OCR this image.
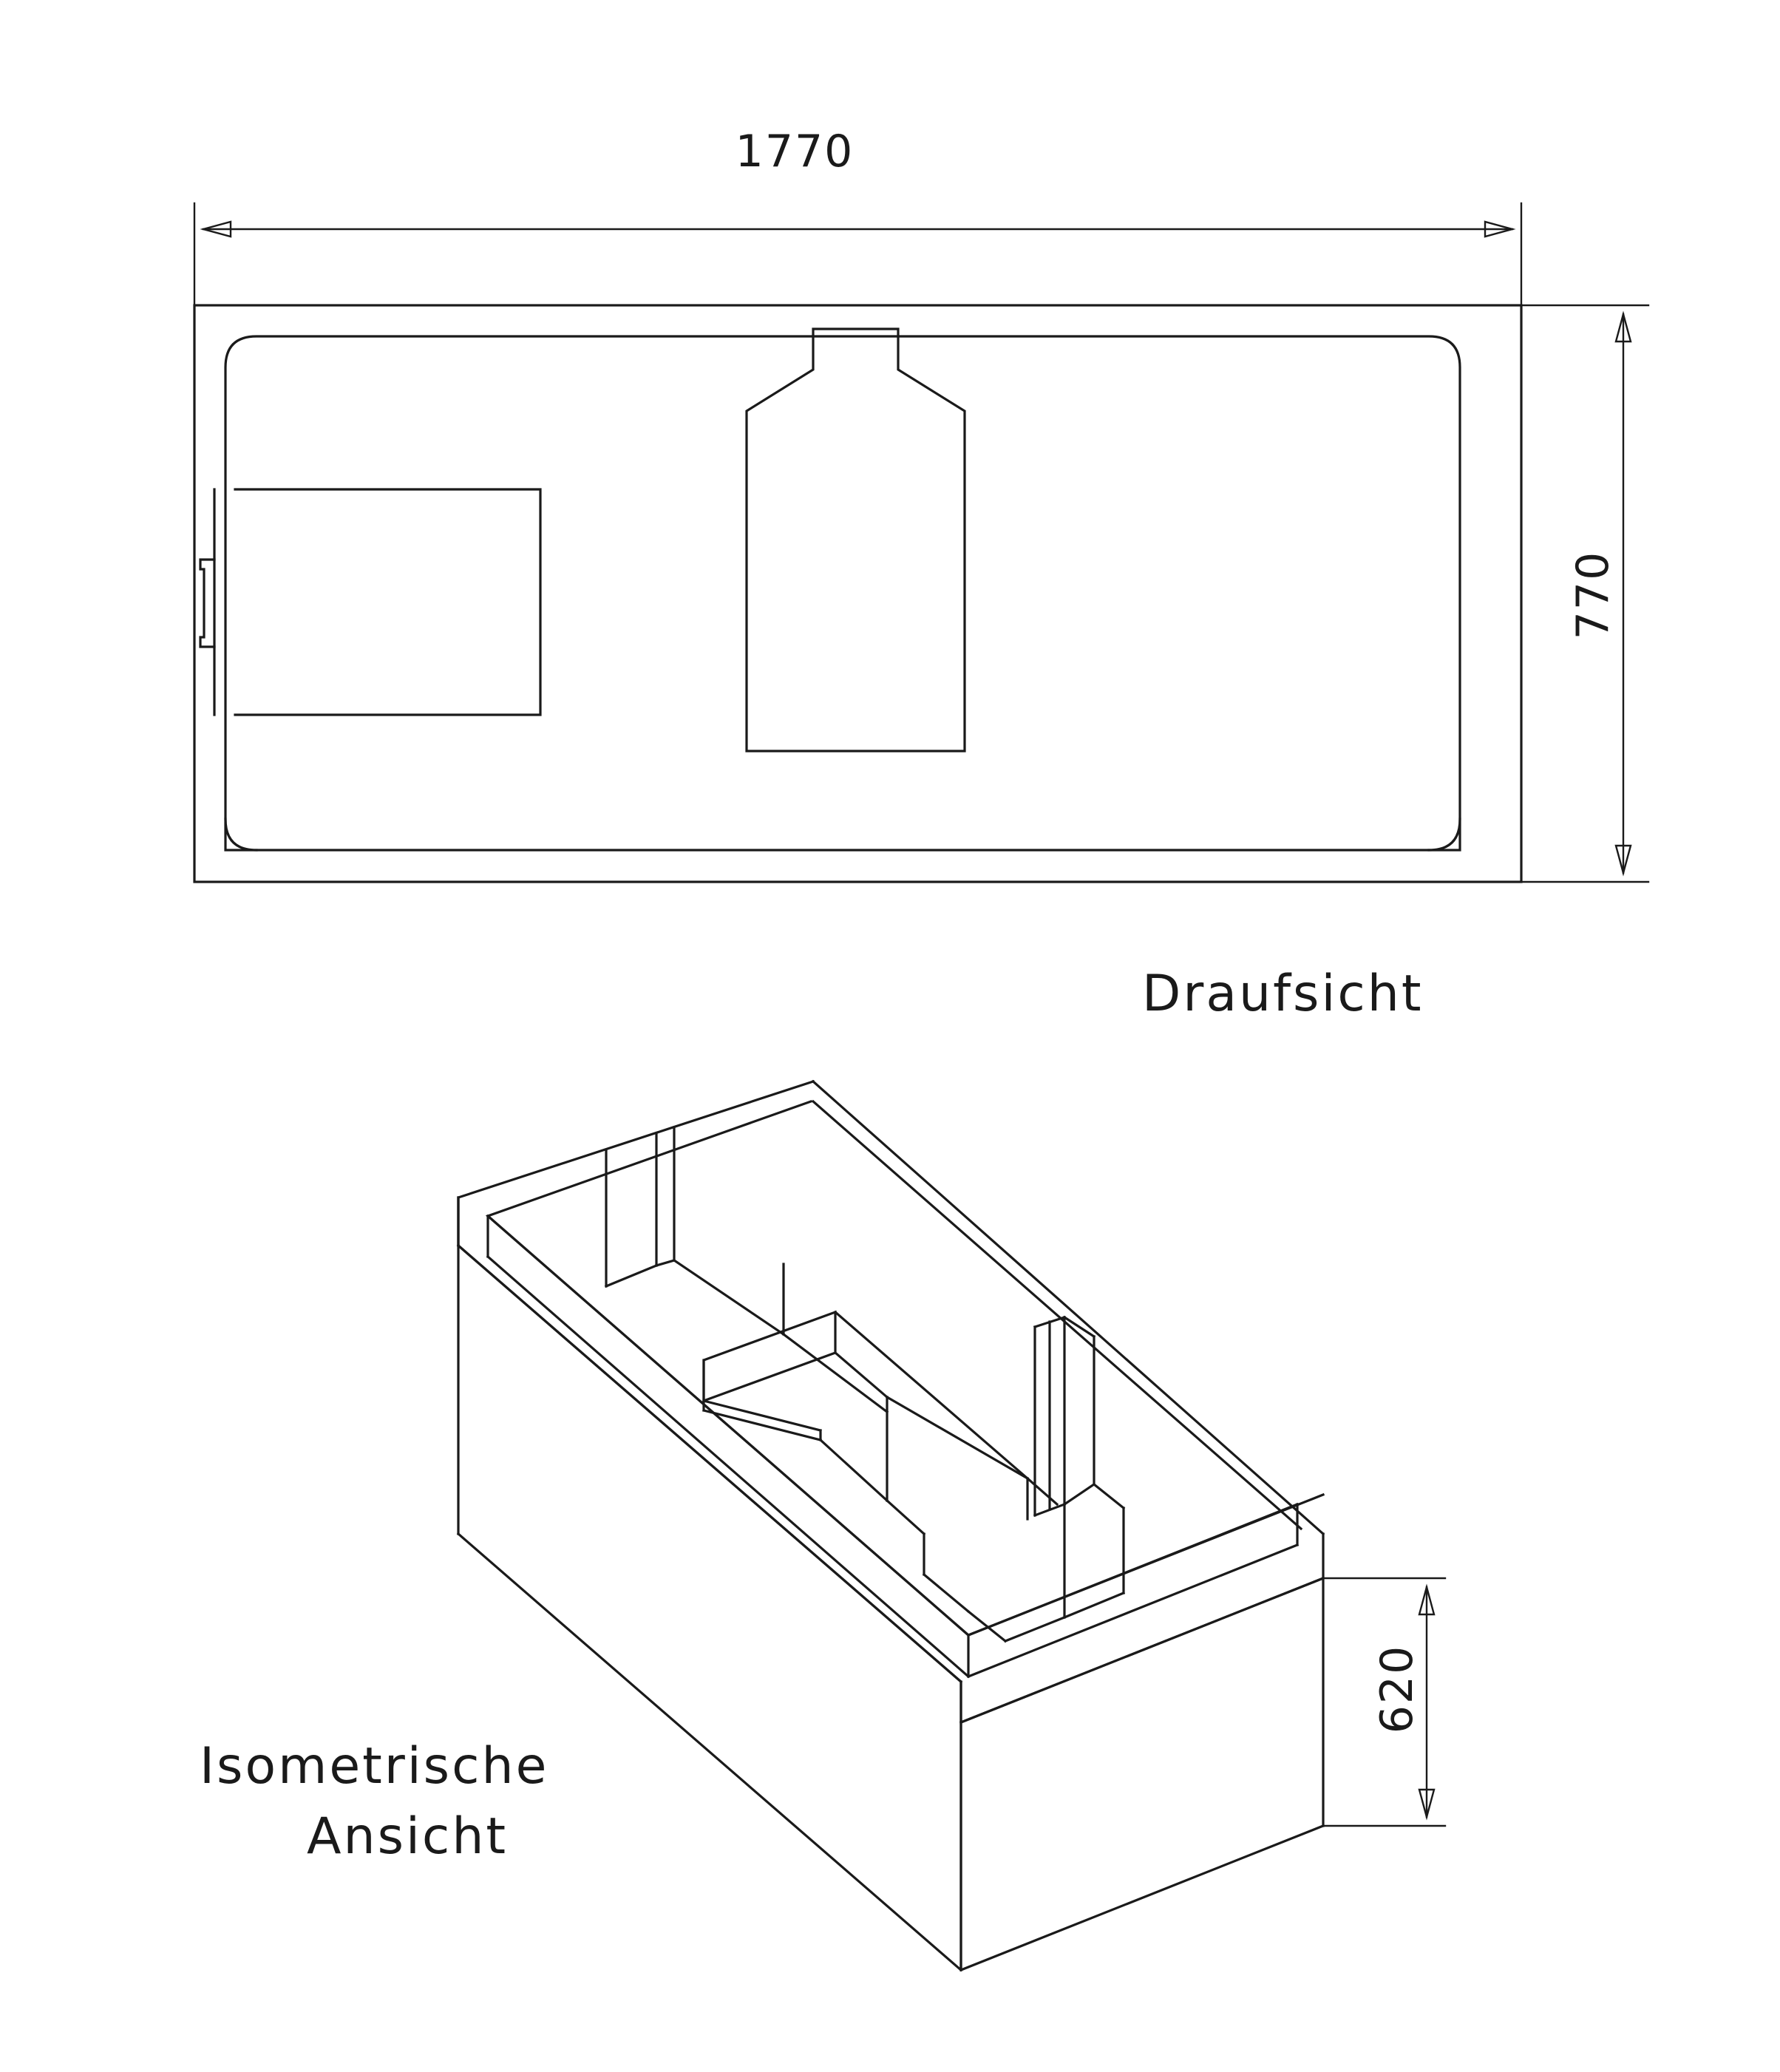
1770
770
620
Draufsicht
Isometrische
Ansicht
